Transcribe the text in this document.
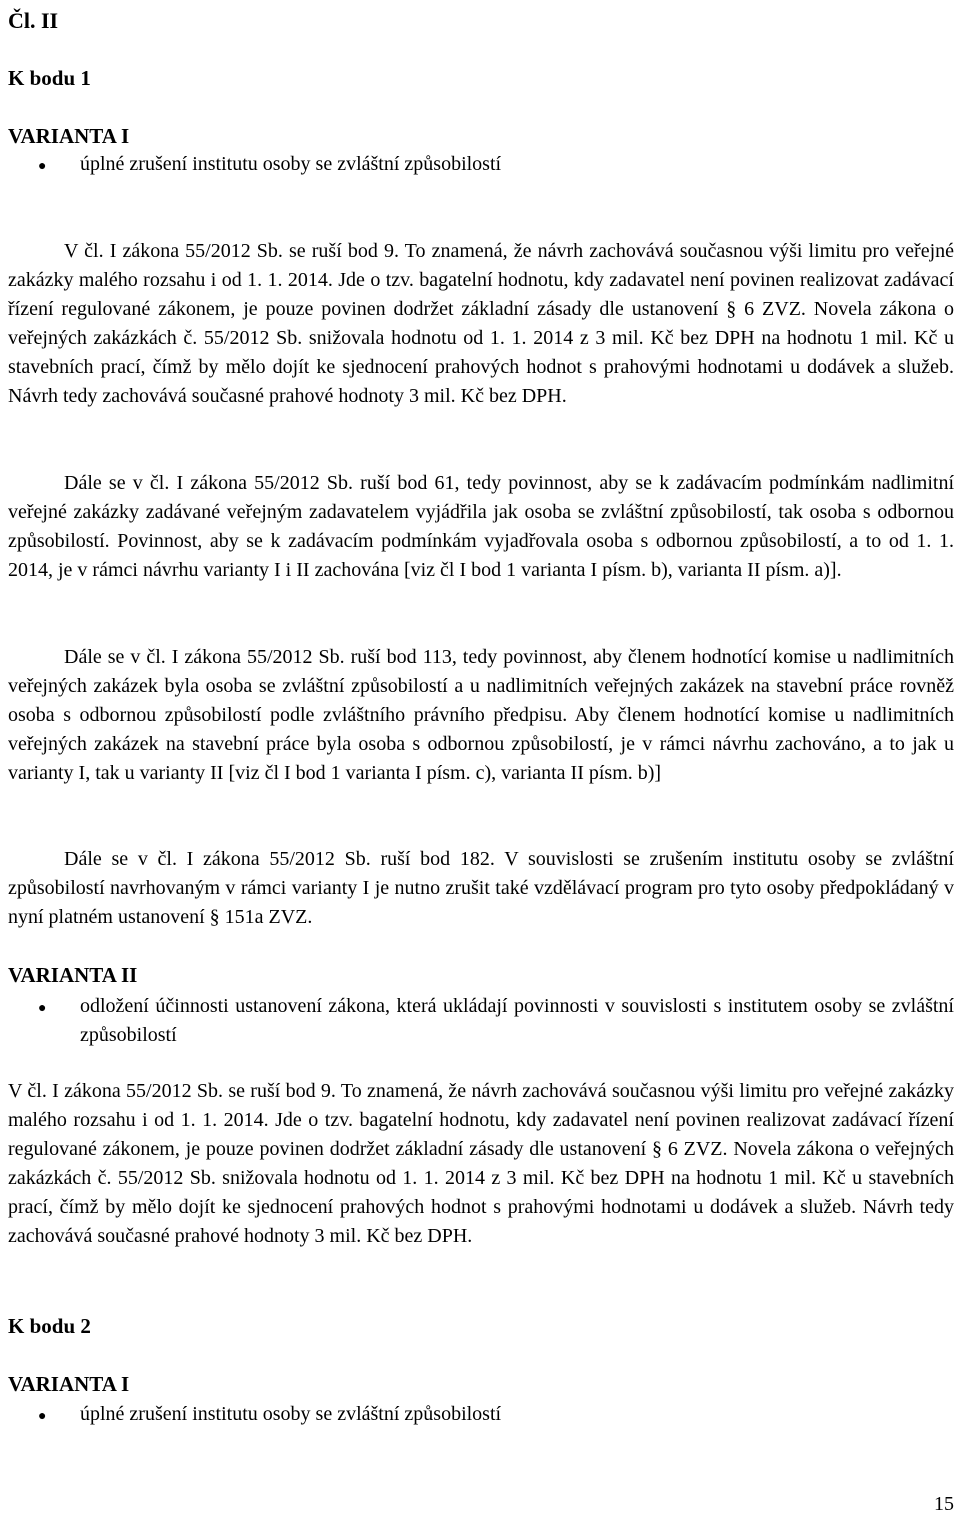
Čl. II
K bodu 1
VARIANTA I
●
úplné zrušení institutu osoby se zvláštní způsobilostí

V čl. I zákona 55/2012 Sb. se ruší bod 9. To znamená, že návrh zachovává současnou výši limitu pro veřejné zakázky malého rozsahu i od 1. 1. 2014. Jde o tzv. bagatelní hodnotu, kdy zadavatel není povinen realizovat zadávací řízení regulované zákonem, je pouze povinen dodržet základní zásady dle ustanovení § 6 ZVZ. Novela zákona o veřejných zakázkách č. 55/2012 Sb. snižovala hodnotu od 1. 1. 2014 z 3 mil. Kč bez DPH na hodnotu 1 mil. Kč u stavebních prací, čímž by mělo dojít ke sjednocení prahových hodnot s prahovými hodnotami u dodávek a služeb. Návrh tedy zachovává současné prahové hodnoty 3 mil. Kč bez DPH.

Dále se v čl. I zákona 55/2012 Sb. ruší bod 61, tedy povinnost, aby se k zadávacím podmínkám nadlimitní veřejné zakázky zadávané veřejným zadavatelem vyjádřila jak osoba se zvláštní způsobilostí, tak osoba s odbornou způsobilostí. Povinnost, aby se k zadávacím podmínkám vyjadřovala osoba s odbornou způsobilostí, a to od 1. 1. 2014, je v rámci návrhu varianty I i II zachována [viz čl I bod 1 varianta I písm. b), varianta II písm. a)].

Dále se v čl. I zákona 55/2012 Sb. ruší bod 113, tedy povinnost, aby členem hodnotící komise u nadlimitních veřejných zakázek byla osoba se zvláštní způsobilostí a u nadlimitních veřejných zakázek na stavební práce rovněž osoba s odbornou způsobilostí podle zvláštního právního předpisu. Aby členem hodnotící komise u nadlimitních veřejných zakázek na stavební práce byla osoba s odbornou způsobilostí, je v rámci návrhu zachováno, a to jak u varianty I, tak u varianty II [viz čl I bod 1 varianta I písm. c), varianta II písm. b)]

Dále se v čl. I zákona 55/2012 Sb. ruší bod 182. V souvislosti se zrušením institutu osoby se zvláštní způsobilostí navrhovaným v rámci varianty I je nutno zrušit také vzdělávací program pro tyto osoby předpokládaný v nyní platném ustanovení § 151a ZVZ.

VARIANTA II
●
odložení účinnosti ustanovení zákona, která ukládají povinnosti v souvislosti s institutem osoby se zvláštní způsobilostí

V čl. I zákona 55/2012 Sb. se ruší bod 9. To znamená, že návrh zachovává současnou výši limitu pro veřejné zakázky malého rozsahu i od 1. 1. 2014. Jde o tzv. bagatelní hodnotu, kdy zadavatel není povinen realizovat zadávací řízení regulované zákonem, je pouze povinen dodržet základní zásady dle ustanovení § 6 ZVZ. Novela zákona o veřejných zakázkách č. 55/2012 Sb. snižovala hodnotu od 1. 1. 2014 z 3 mil. Kč bez DPH na hodnotu 1 mil. Kč u stavebních prací, čímž by mělo dojít ke sjednocení prahových hodnot s prahovými hodnotami u dodávek a služeb. Návrh tedy zachovává současné prahové hodnoty 3 mil. Kč bez DPH.

K bodu 2
VARIANTA I
●
úplné zrušení institutu osoby se zvláštní způsobilostí
15
